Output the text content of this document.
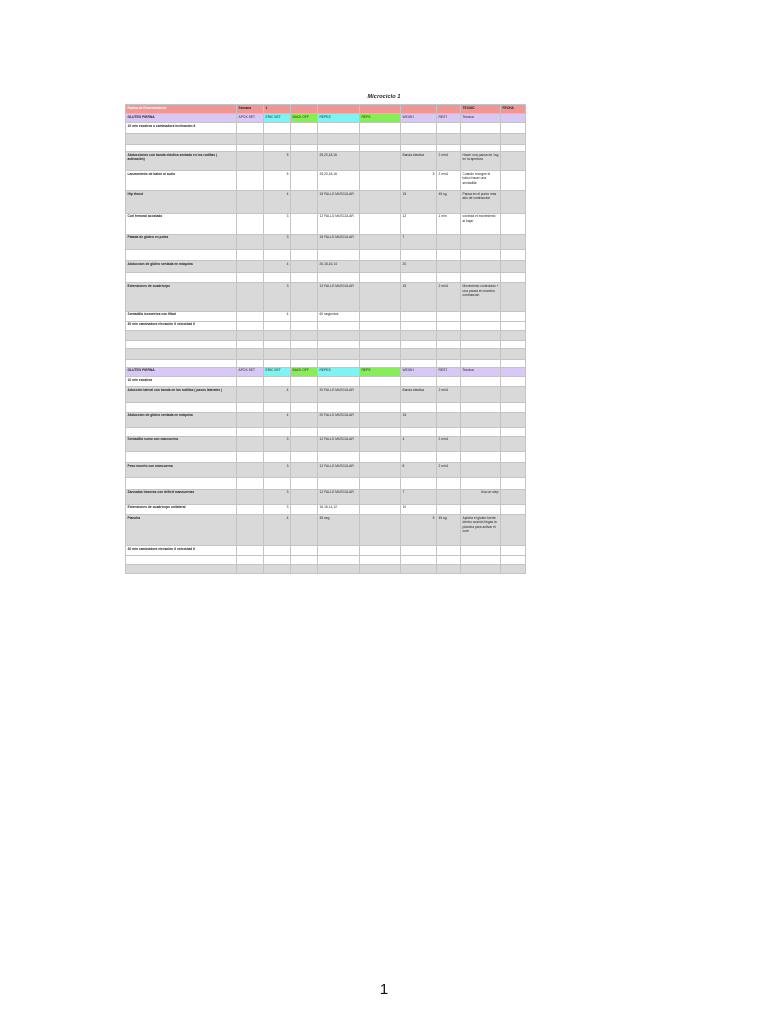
Microciclo 1
Rutina de Entrenamiento	Semana	1						TECNIC	FECHA
GLUTEO PIERNA	APOX SET	ERIC SET	BACK OFF	REPES	REPS	WEIGH	REST	Tecnica	
10 min escalera o caminadora inclinación 6									

Abducciones con banda elástica sentada en los rodillas ( activación)		5		25,20,18,16		Banda elastica	2 min1	Hacer una pausa de 1sg en la apertura	
Lanzamiento de balon al suelo		5		25,20,18,16		5	2 min1	Cuando recoges el balon hacer una sentadilla	
Hip thrust		4		15 FALLO MUSCULAR		15	45 sg	Pausa en el punto mas alto de contraccion	
Curl femoral acostado		3		12 FALLO MUSCULAR		12	1 min	controla el movimiento al bajar	
Patada de glúteo en polea		3		15 FALLO MUSCULAR		7			

Abduccion de glúteo sentada en máquina		4		20,18,16,14		20			

Extensiones de cuadriceps		3		12 FALLO MUSCULAR		15	2 min1	Movimiento controlado + una pausa en maximo contraccion	
Sentadilla isometrica con fitbal		4		60 segundos					
30 min caminadora elevación 6 velocidad 6									

GLUTEO PIERNA	APOX SET	ERIC SET	BACK OFF	REPES	REPS	WEIGH	REST	Tecnica	
10 min escalera									
Aducción lateral con banda en las rodillas ( pasos laterales )		4		20 FALLO MUSCULAR		Banda elastica	2 min1		

Abduccion de glúteo sentada en máquina		4		20 FALLO MUSCULAR		15			

Sentadilla sumo con mancuerna		3		12 FALLO MUSCULAR		4	2 min1		

Peso muerto con mancuerna		3		12 FALLO MUSCULAR		8	2 min1		

Zancadas traseras con déficit mancuernas		3		12 FALLO MUSCULAR		7		Usa un step	
Extensiones de cuadriceps unilateral		3		16,16,14,12		10			
Plancha		4		45 seg		5	45 sg	Aprieta el gluteo fuerte dentro cuando llegas la plancha para activar el core	
30 min caminadora elevación 6 velocidad 6									

1
